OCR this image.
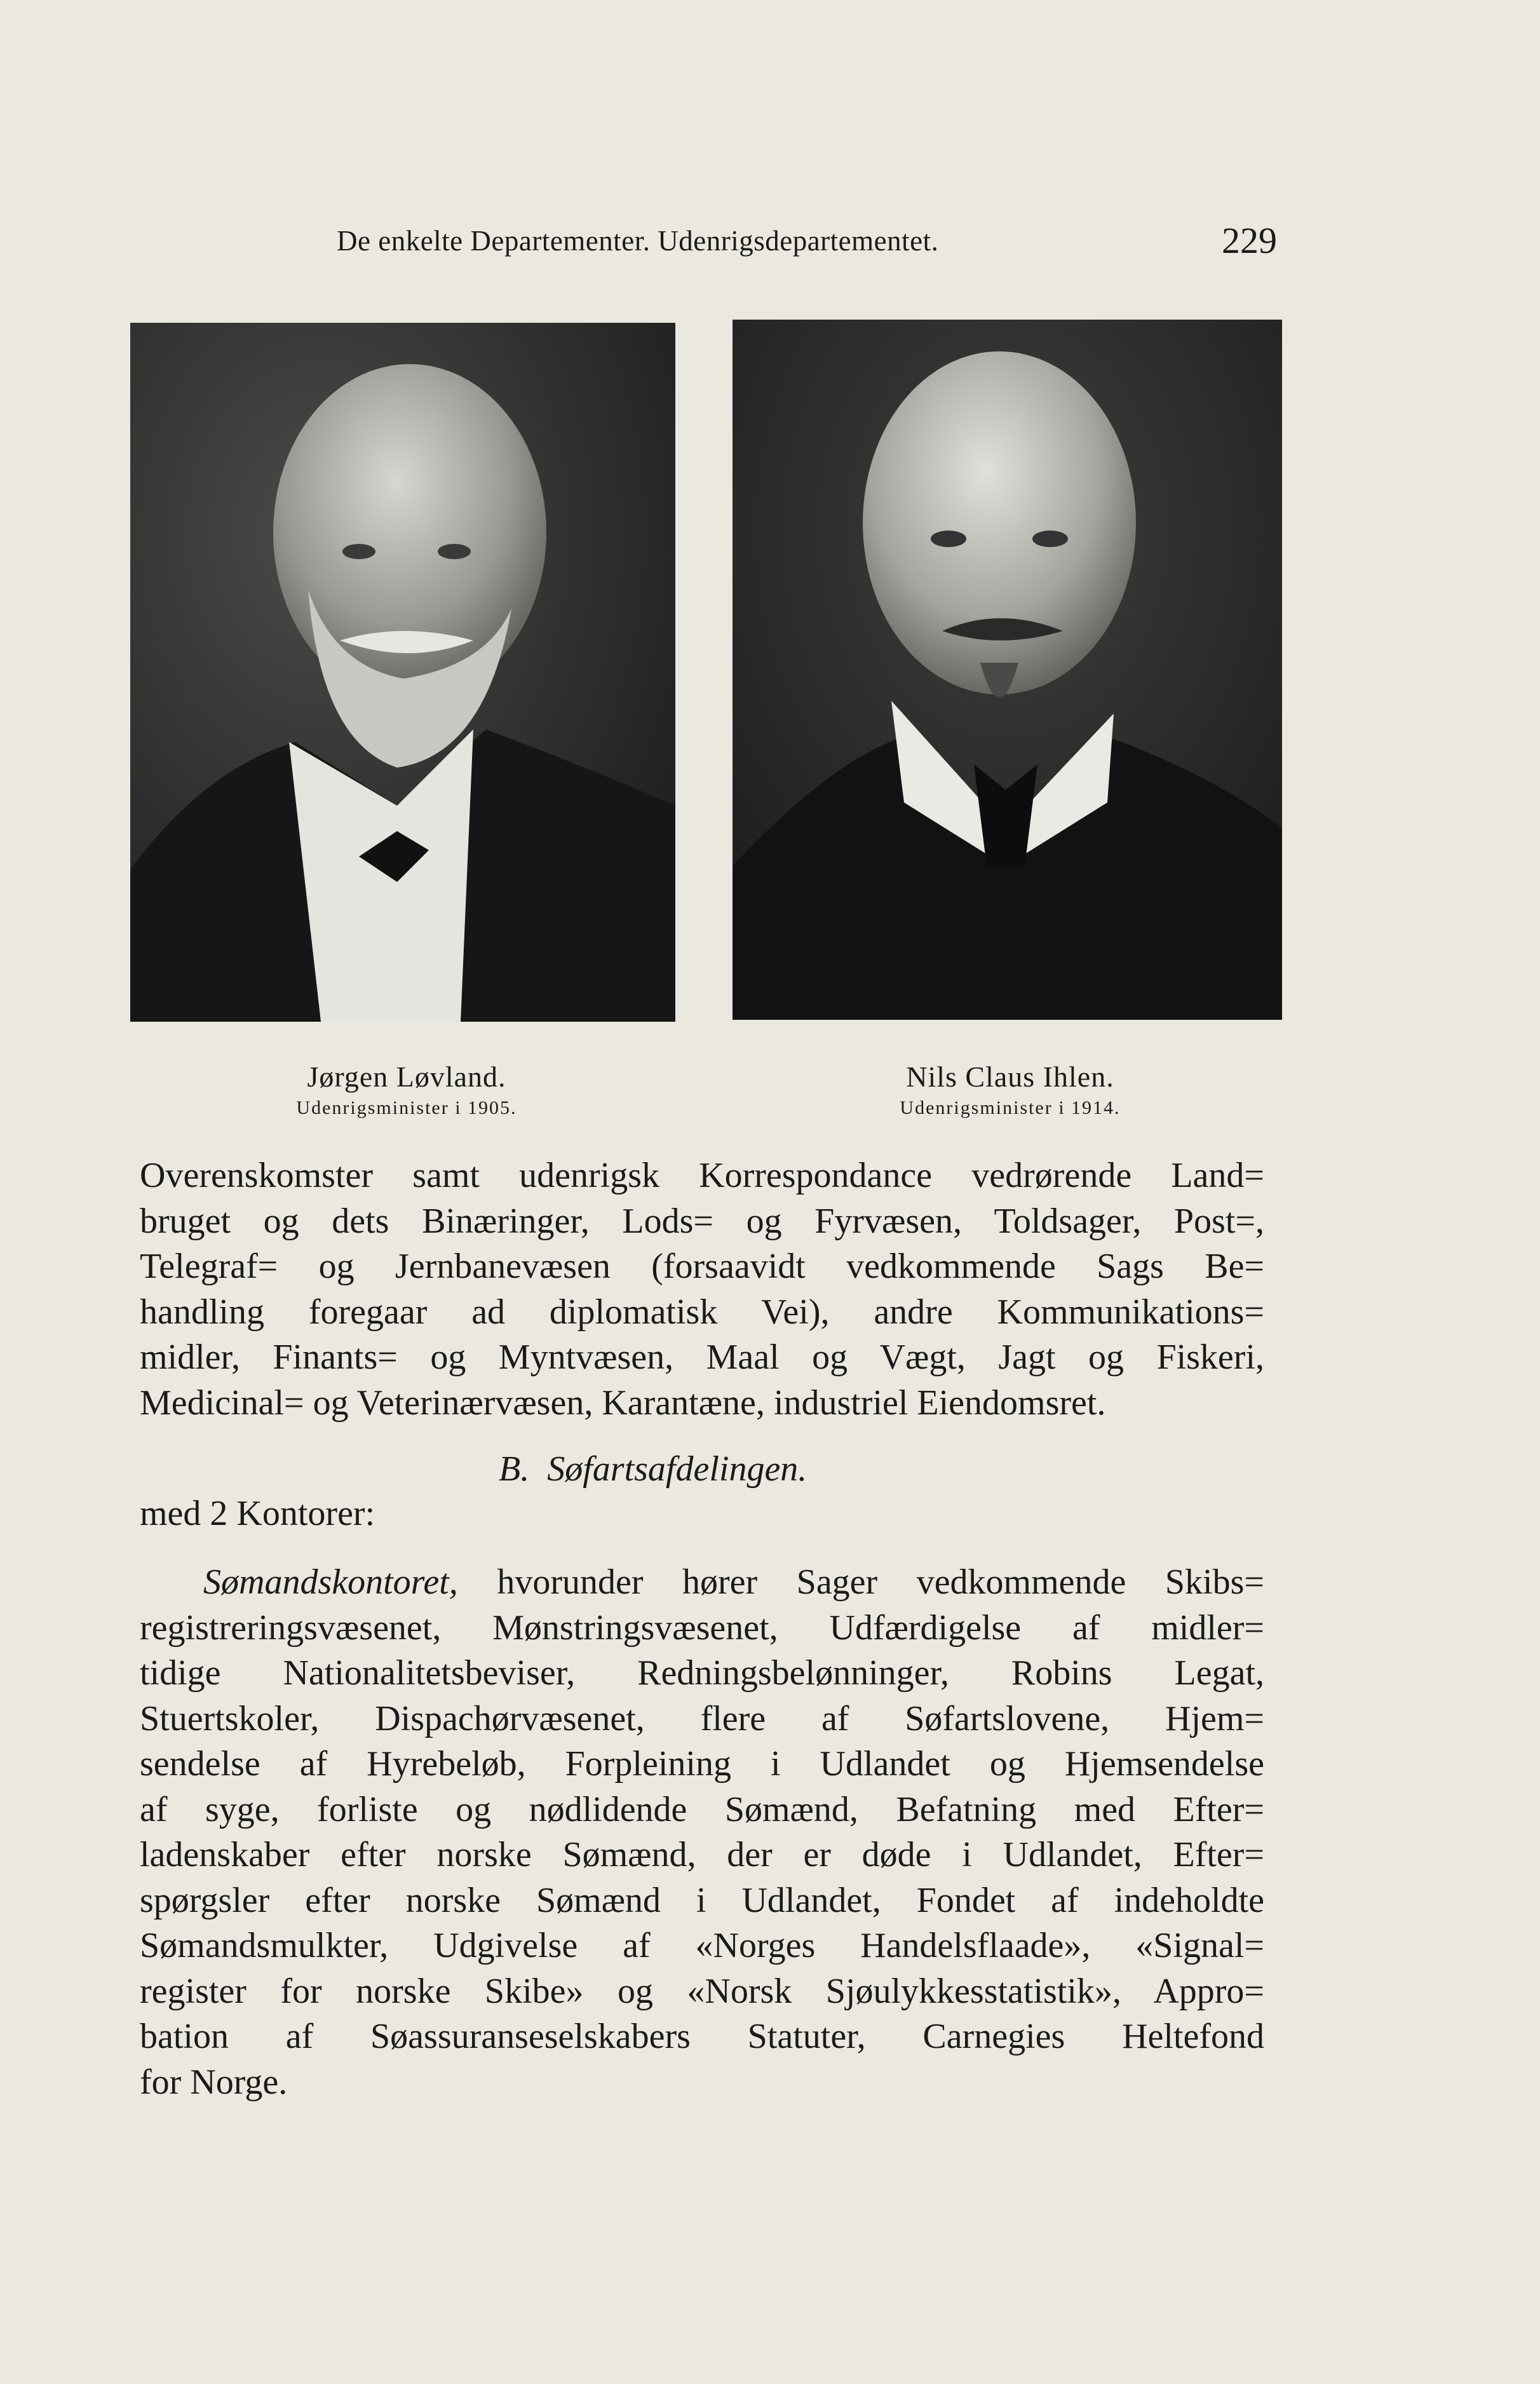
De enkelte Departementer. Udenrigsdepartementet.	229
Jørgen Løvland.
Udenrigsminister i 1905.
Nils Claus Ihlen.
Udenrigsminister i 1914.
Overenskomster samt udenrigsk Korrespondance vedrørende Land=
bruget og dets Binæringer, Lods= og Fyrvæsen, Toldsager, Post=,
Telegraf= og Jernbanevæsen (forsaavidt vedkommende Sags Be=
handling foregaar ad diplomatisk Vei), andre Kommunikations=
midler, Finants= og Myntvæsen, Maal og Vægt, Jagt og Fiskeri,
Medicinal= og Veterinærvæsen, Karantæne, industriel Eiendomsret.
B. Søfartsafdelingen.
med 2 Kontorer:
Sømandskontoret, hvorunder hører Sager vedkommende Skibs=
registreringsvæsenet, Mønstringsvæsenet, Udfærdigelse af midler=
tidige Nationalitetsbeviser, Redningsbelønninger, Robins Legat,
Stuertskoler, Dispachørvæsenet, flere af Søfartslovene, Hjem=
sendelse af Hyrebeløb, Forpleining i Udlandet og Hjemsendelse
af syge, forliste og nødlidende Sømænd, Befatning med Efter=
ladenskaber efter norske Sømænd, der er døde i Udlandet, Efter=
spørgsler efter norske Sømænd i Udlandet, Fondet af indeholdte
Sømandsmulkter, Udgivelse af «Norges Handelsflaade», «Signal=
register for norske Skibe» og «Norsk Sjøulykkesstatistik», Appro=
bation af Søassuranseselskabers Statuter, Carnegies Heltefond
for Norge.
